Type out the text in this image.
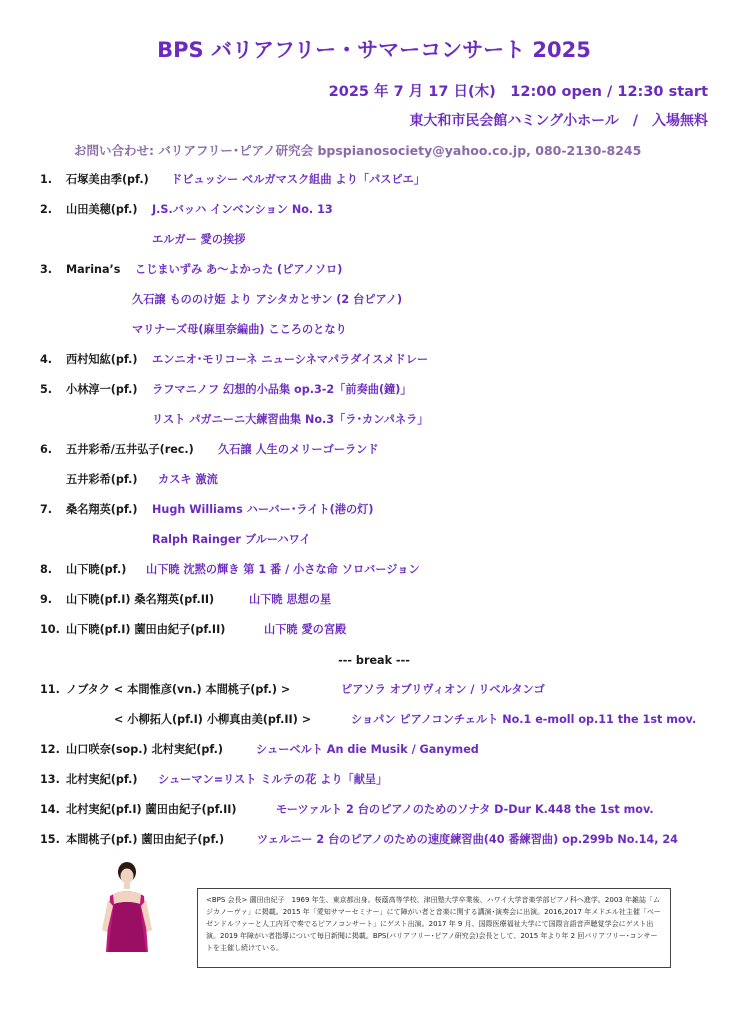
BPS バリアフリー・サマーコンサート 2025
2025 年 7 月 17 日(木)　12:00 open / 12:30 start
東大和市民会館ハミング小ホール　/　入場無料
お問い合わせ: バリアフリー･ピアノ研究会 bpspianosociety@yahoo.co.jp, 080-2130-8245
1. 石塚美由季(pf.) ドビュッシー ベルガマスク組曲 より「パスピエ」
2. 山田美穂(pf.) J.S.バッハ インベンション No. 13
エルガー 愛の挨拶
3. Marina’s こじまいずみ あ～よかった (ピアノソロ)
久石譲 もののけ姫 より アシタカとサン (2 台ピアノ)
マリナーズ母(麻里奈編曲) こころのとなり
4. 西村知紘(pf.) エンニオ･モリコーネ ニューシネマパラダイスメドレー
5. 小林淳一(pf.) ラフマニノフ 幻想的小品集 op.3-2「前奏曲(鐘)」
リスト パガニーニ大練習曲集 No.3「ラ･カンパネラ」
6. 五井彩希/五井弘子(rec.) 久石譲 人生のメリーゴーランド
五井彩希(pf.) カスキ 激流
7. 桑名翔英(pf.) Hugh Williams ハーバー･ライト(港の灯)
Ralph Rainger ブルーハワイ
8. 山下暁(pf.) 山下暁 沈黙の輝き 第 1 番 / 小さな命 ソロバージョン
9. 山下暁(pf.I) 桑名翔英(pf.II)	山下暁 思想の星
10. 山下暁(pf.I) 薗田由紀子(pf.II)	山下暁 愛の宮殿
11. ノブタク < 本間惟彦(vn.) 本間桃子(pf.) >	ピアソラ オブリヴィオン / リベルタンゴ
< 小柳拓人(pf.I) 小柳真由美(pf.II) >	ショパン ピアノコンチェルト No.1 e-moll op.11 the 1st mov.
12. 山口咲奈(sop.) 北村実紀(pf.)	シューベルト An die Musik / Ganymed
13. 北村実紀(pf.) シューマン=リスト ミルテの花 より「献呈」
14. 北村実紀(pf.I) 薗田由紀子(pf.II)	モーツァルト 2 台のピアノのためのソナタ D-Dur K.448 the 1st mov.
15. 本間桃子(pf.) 薗田由紀子(pf.)	ツェルニー 2 台のピアノのための速度練習曲(40 番練習曲) op.299b No.14, 24
--- break ---
<BPS 会長> 薗田由紀子　1969 年生、東京都出身。桜蔭高等学校、津田塾大学卒業後、ハワイ大学音楽学部ピアノ科へ進学。2003 年雑誌「ムジカノーヴァ」に掲載。2015 年「愛知サマーセミナー」にて障がい者と音楽に関する講演･演奏会に出演。2016,2017 年メドエル社主催「ベーゼンドルファーと人工内耳で奏でるピアノコンサート」にゲスト出演。2017 年 9 月、国際医療福祉大学にて国際言語音声聴覚学会にゲスト出演。2019 年障がい者指導について毎日新聞に掲載。BPS(バリアフリー･ピアノ研究会)会長として、2015 年より年 2 回バリアフリー･コンサートを主催し続けている。
